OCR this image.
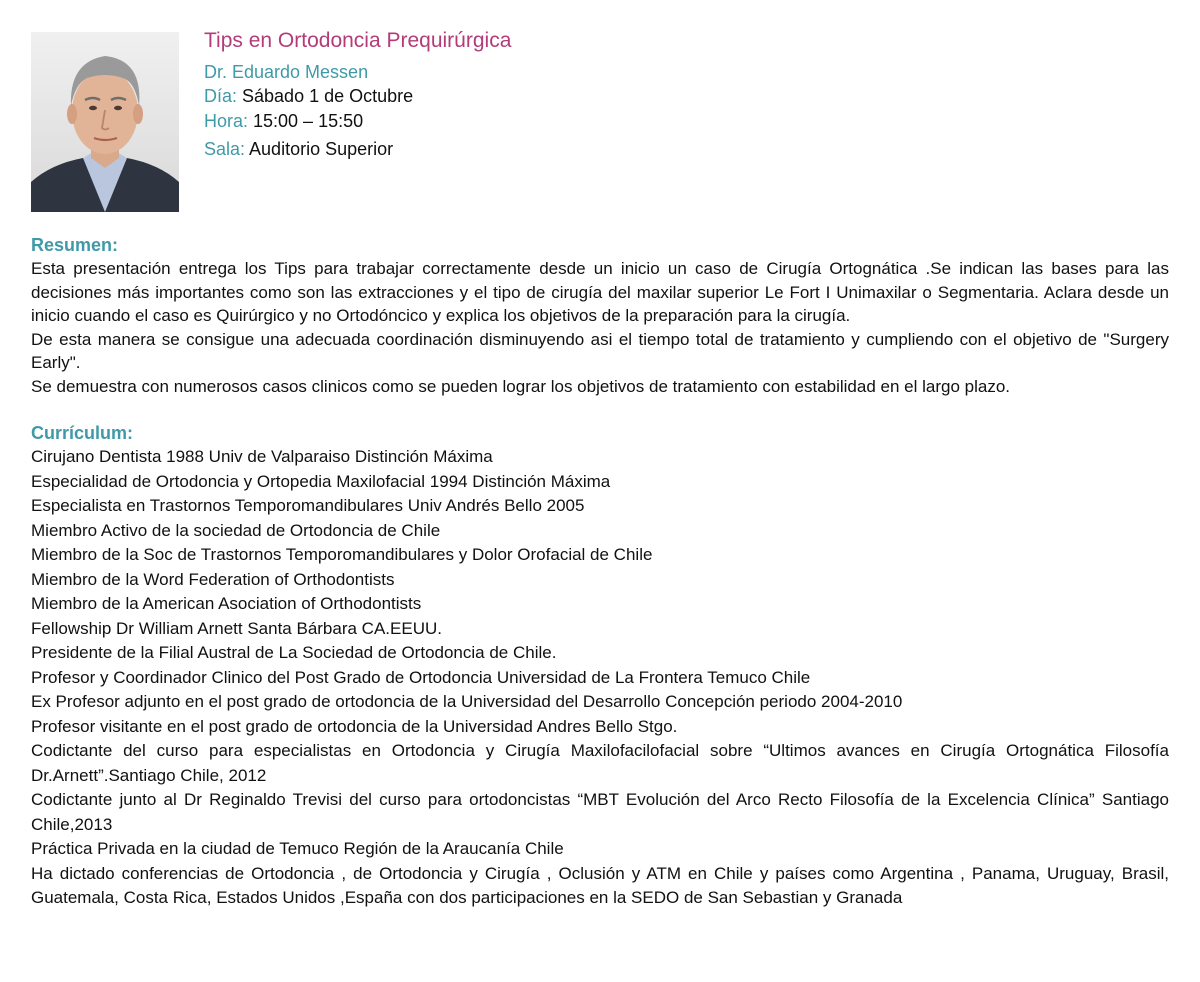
Tips en Ortodoncia Prequirúrgica

Dr. Eduardo Messen

Día: Sábado 1 de Octubre

Hora: 15:00 – 15:50

Sala: Auditorio Superior

Resumen:

Esta presentación entrega los Tips para trabajar correctamente desde un inicio un caso de Cirugía Ortognática .Se indican las bases para las decisiones más importantes como son las extracciones y el tipo de cirugía del maxilar superior Le Fort I Unimaxilar o Segmentaria. Aclara desde un inicio cuando el caso es Quirúrgico y no Ortodóncico y explica los objetivos de la preparación para la cirugía.

De esta manera se consigue una adecuada coordinación disminuyendo asi el tiempo total de tratamiento y cumpliendo con el objetivo de "Surgery Early".

Se demuestra con numerosos casos clinicos como se pueden lograr los objetivos de tratamiento con estabilidad en el largo plazo.

Currículum:
Cirujano Dentista 1988 Univ de Valparaiso Distinción Máxima
Especialidad de Ortodoncia y Ortopedia Maxilofacial 1994 Distinción Máxima
Especialista en Trastornos Temporomandibulares Univ Andrés Bello 2005
Miembro Activo de la sociedad de Ortodoncia de Chile
Miembro de la Soc de Trastornos Temporomandibulares y Dolor Orofacial de Chile
Miembro de la Word Federation of Orthodontists
Miembro de la American Asociation of Orthodontists
Fellowship Dr William Arnett Santa Bárbara CA.EEUU.
Presidente de la Filial Austral de La Sociedad de Ortodoncia de Chile.
Profesor y Coordinador Clinico del Post Grado de Ortodoncia Universidad de La Frontera Temuco Chile
Ex Profesor adjunto en el post grado de ortodoncia de la Universidad del Desarrollo Concepción periodo 2004-2010
Profesor visitante en el post grado de ortodoncia de la Universidad Andres Bello Stgo.
Codictante del curso para especialistas en Ortodoncia y Cirugía Maxilofacilofacial sobre “Ultimos avances en Cirugía Ortognática Filosofía Dr.Arnett”.Santiago Chile, 2012
Codictante junto al Dr Reginaldo Trevisi del curso para ortodoncistas “MBT Evolución del Arco Recto Filosofía de la Excelencia Clínica” Santiago Chile,2013
Práctica Privada en la ciudad de Temuco Región de la Araucanía Chile
Ha dictado conferencias de Ortodoncia , de Ortodoncia y Cirugía , Oclusión y ATM en Chile y países como Argentina , Panama, Uruguay, Brasil, Guatemala, Costa Rica, Estados Unidos ,España con dos participaciones en la SEDO de San Sebastian y Granada
